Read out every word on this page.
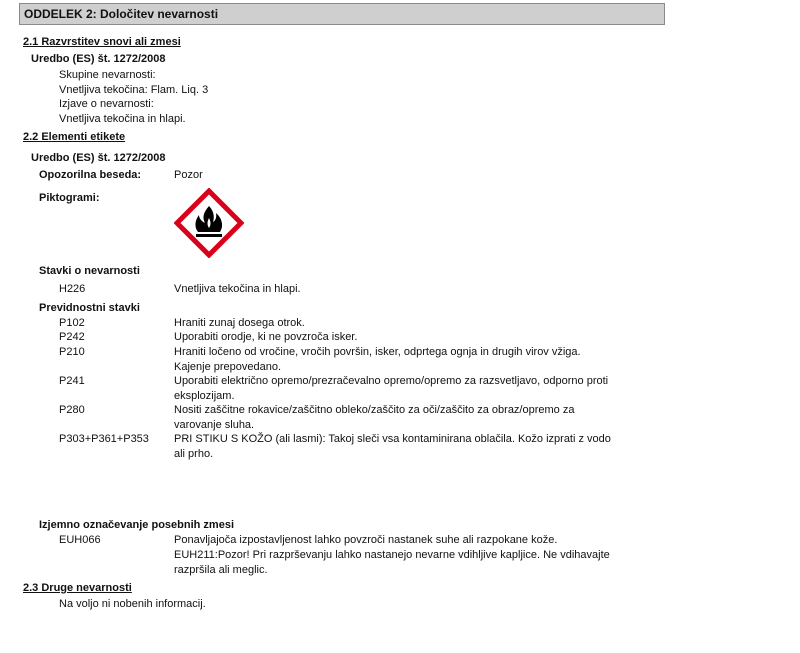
ODDELEK 2: Določitev nevarnosti
2.1 Razvrstitev snovi ali zmesi
Uredbo (ES) št. 1272/2008
Skupine nevarnosti:
Vnetljiva tekočina: Flam. Liq. 3
Izjave o nevarnosti:
Vnetljiva tekočina in hlapi.
2.2 Elementi etikete
Uredbo (ES) št. 1272/2008
Opozorilna beseda:	Pozor
Piktogrami:
Stavki o nevarnosti
H226	Vnetljiva tekočina in hlapi.
Previdnostni stavki
P102	Hraniti zunaj dosega otrok.
P242	Uporabiti orodje, ki ne povzroča isker.
P210	Hraniti ločeno od vročine, vročih površin, isker, odprtega ognja in drugih virov vžiga.
Kajenje prepovedano.
P241	Uporabiti električno opremo/prezračevalno opremo/opremo za razsvetljavo, odporno proti
eksplozijam.
P280	Nositi zaščitne rokavice/zaščitno obleko/zaščito za oči/zaščito za obraz/opremo za
varovanje sluha.
P303+P361+P353 PRI STIKU S KOŽO (ali lasmi): Takoj sleči vsa kontaminirana oblačila. Kožo izprati z vodo
ali prho.
Izjemno označevanje posebnih zmesi
EUH066	Ponavljajoča izpostavljenost lahko povzroči nastanek suhe ali razpokane kože.
EUH211:Pozor! Pri razprševanju lahko nastanejo nevarne vdihljive kapljice. Ne vdihavajte
razpršila ali meglic.
2.3 Druge nevarnosti
Na voljo ni nobenih informacij.
